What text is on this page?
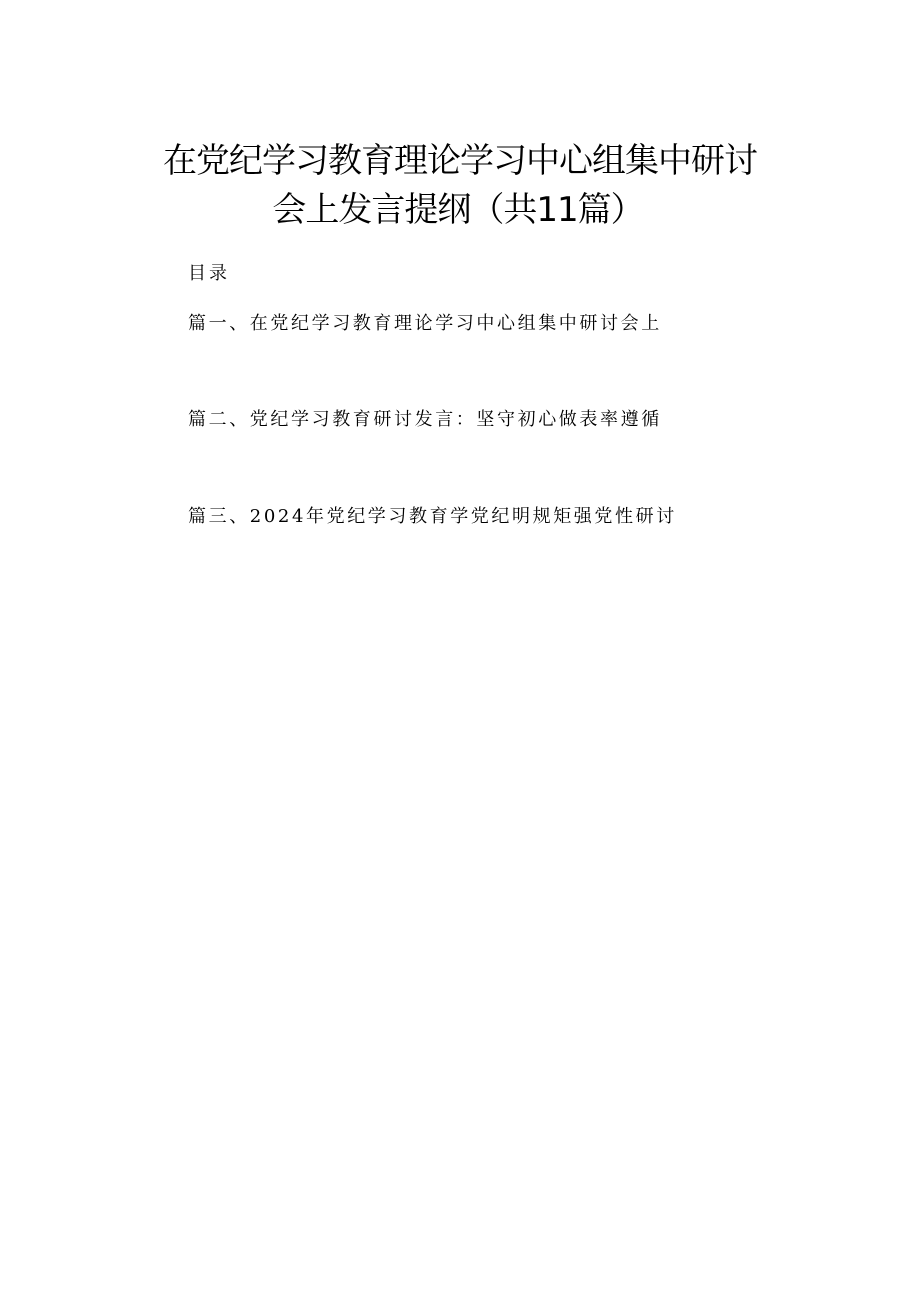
在党纪学习教育理论学习中心组集中研讨
会上发言提纲（共11篇）
目录
篇一、在党纪学习教育理论学习中心组集中研讨会上
篇二、党纪学习教育研讨发言：坚守初心做表率遵循
篇三、2024年党纪学习教育学党纪明规矩强党性研讨
